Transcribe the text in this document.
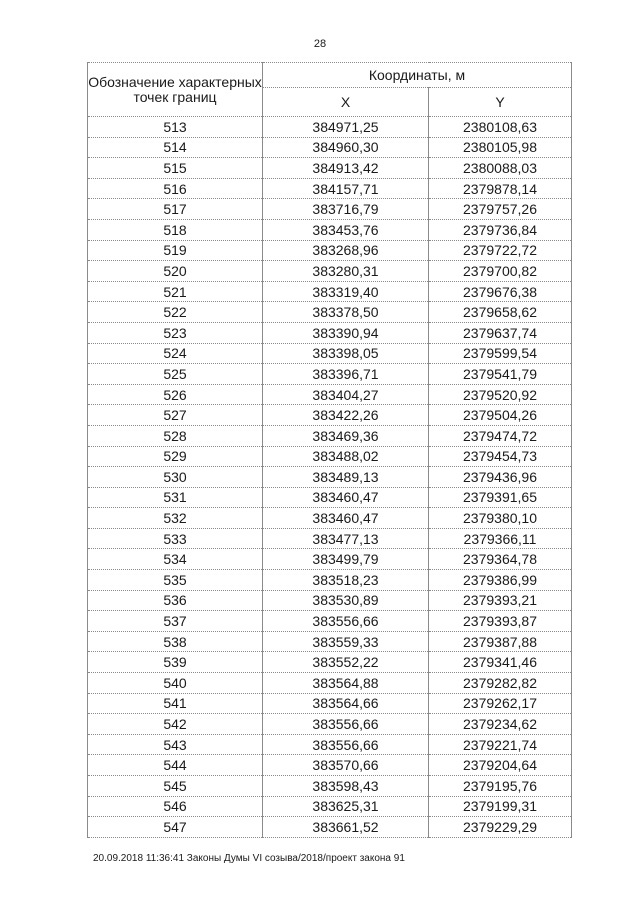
28
Обозначение характерных точек границ	Координаты, м	
	X	Y
513	384971,25	2380108,63
514	384960,30	2380105,98
515	384913,42	2380088,03
516	384157,71	2379878,14
517	383716,79	2379757,26
518	383453,76	2379736,84
519	383268,96	2379722,72
520	383280,31	2379700,82
521	383319,40	2379676,38
522	383378,50	2379658,62
523	383390,94	2379637,74
524	383398,05	2379599,54
525	383396,71	2379541,79
526	383404,27	2379520,92
527	383422,26	2379504,26
528	383469,36	2379474,72
529	383488,02	2379454,73
530	383489,13	2379436,96
531	383460,47	2379391,65
532	383460,47	2379380,10
533	383477,13	2379366,11
534	383499,79	2379364,78
535	383518,23	2379386,99
536	383530,89	2379393,21
537	383556,66	2379393,87
538	383559,33	2379387,88
539	383552,22	2379341,46
540	383564,88	2379282,82
541	383564,66	2379262,17
542	383556,66	2379234,62
543	383556,66	2379221,74
544	383570,66	2379204,64
545	383598,43	2379195,76
546	383625,31	2379199,31
547	383661,52	2379229,29
20.09.2018 11:36:41 Законы Думы VI созыва/2018/проект закона 91
